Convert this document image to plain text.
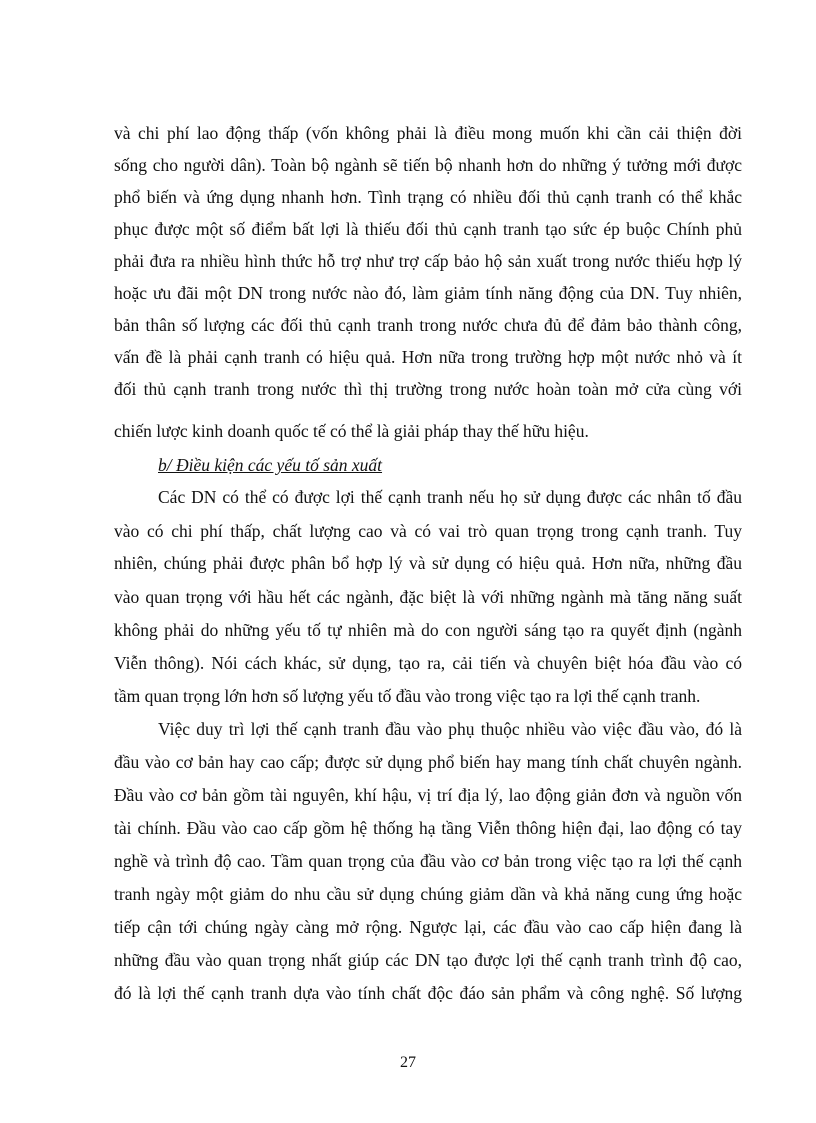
và chi phí lao động thấp (vốn không phải là điều mong muốn khi cần cải thiện đời
sống cho người dân). Toàn bộ ngành sẽ tiến bộ nhanh hơn do những ý tưởng mới được
phổ biến và ứng dụng nhanh hơn. Tình trạng có nhiều đối thủ cạnh tranh có thể khắc
phục được một số điểm bất lợi là thiếu đối thủ cạnh tranh tạo sức ép buộc Chính phủ
phải đưa ra nhiều hình thức hỗ trợ như trợ cấp bảo hộ sản xuất trong nước thiếu hợp lý
hoặc ưu đãi một DN trong nước nào đó, làm giảm tính năng động của DN. Tuy nhiên,
bản thân số lượng các đối thủ cạnh tranh trong nước chưa đủ để đảm bảo thành công,
vấn đề là phải cạnh tranh có hiệu quả. Hơn nữa trong trường hợp một nước nhỏ và ít
đối thủ cạnh tranh trong nước thì thị trường trong nước hoàn toàn mở cửa cùng với
chiến lược kinh doanh quốc tế có thể là giải pháp thay thế hữu hiệu.
b/ Điều kiện các yếu tố sản xuất
Các DN có thể có được lợi thế cạnh tranh nếu họ sử dụng được các nhân tố đầu
vào có chi phí thấp, chất lượng cao và có vai trò quan trọng trong cạnh tranh. Tuy
nhiên, chúng phải được phân bổ hợp lý và sử dụng có hiệu quả. Hơn nữa, những đầu
vào quan trọng với hầu hết các ngành, đặc biệt là với những ngành mà tăng năng suất
không phải do những yếu tố tự nhiên mà do con người sáng tạo ra quyết định (ngành
Viễn thông). Nói cách khác, sử dụng, tạo ra, cải tiến và chuyên biệt hóa đầu vào có
tầm quan trọng lớn hơn số lượng yếu tố đầu vào trong việc tạo ra lợi thế cạnh tranh.
Việc duy trì lợi thế cạnh tranh đầu vào phụ thuộc nhiều vào việc đầu vào, đó là
đầu vào cơ bản hay cao cấp; được sử dụng phổ biến hay mang tính chất chuyên ngành.
Đầu vào cơ bản gồm tài nguyên, khí hậu, vị trí địa lý, lao động giản đơn và nguồn vốn
tài chính. Đầu vào cao cấp gồm hệ thống hạ tầng Viễn thông hiện đại, lao động có tay
nghề và trình độ cao. Tầm quan trọng của đầu vào cơ bản trong việc tạo ra lợi thế cạnh
tranh ngày một giảm do nhu cầu sử dụng chúng giảm dần và khả năng cung ứng hoặc
tiếp cận tới chúng ngày càng mở rộng. Ngược lại, các đầu vào cao cấp hiện đang là
những đầu vào quan trọng nhất giúp các DN tạo được lợi thế cạnh tranh trình độ cao,
đó là lợi thế cạnh tranh dựa vào tính chất độc đáo sản phẩm và công nghệ. Số lượng
27
